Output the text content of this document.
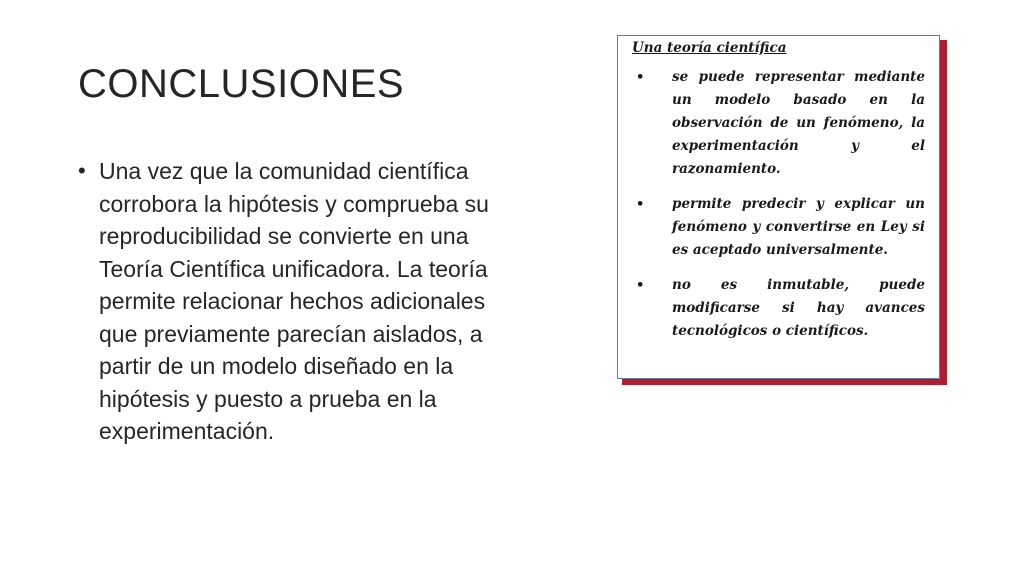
CONCLUSIONES
• Una vez que la comunidad científica corrobora la hipótesis y comprueba su reproducibilidad se convierte en una Teoría Científica unificadora. La teoría permite relacionar hechos adicionales que previamente parecían aislados, a partir de un modelo diseñado en la hipótesis y puesto a prueba en la experimentación.

Una teoría científica

• se puede representar mediante un modelo basado en la observación de un fenómeno, la experimentación y el razonamiento.
• permite predecir y explicar un fenómeno y convertirse en Ley si es aceptado universalmente.
• no es inmutable, puede modificarse si hay avances tecnológicos o científicos.
